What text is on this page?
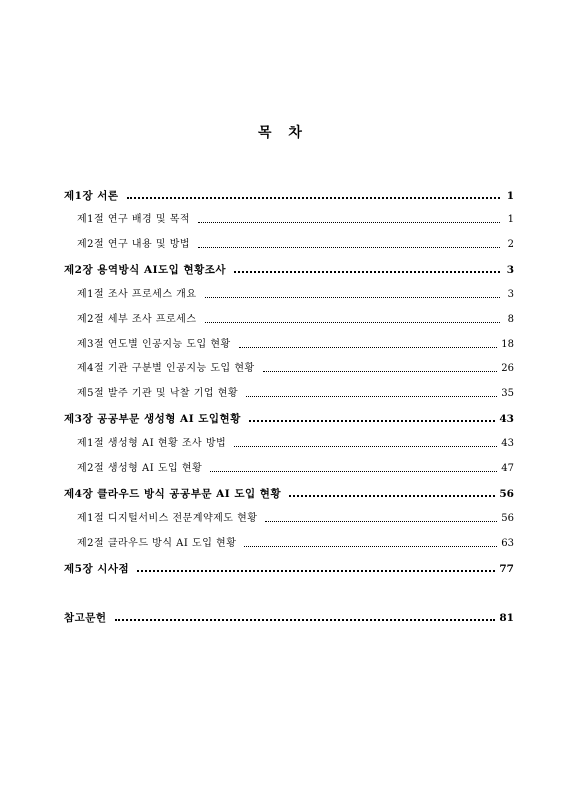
목 차
제1장 서론	1
제1절 연구 배경 및 목적	1
제2절 연구 내용 및 방법	2
제2장 용역방식 AI도입 현황조사	3
제1절 조사 프로세스 개요	3
제2절 세부 조사 프로세스	8
제3절 연도별 인공지능 도입 현황	18
제4절 기관 구분별 인공지능 도입 현황	26
제5절 발주 기관 및 낙찰 기업 현황	35
제3장 공공부문 생성형 AI 도입현황	43
제1절 생성형 AI 현황 조사 방법	43
제2절 생성형 AI 도입 현황	47
제4장 클라우드 방식 공공부문 AI 도입 현황	56
제1절 디지털서비스 전문계약제도 현황	56
제2절 클라우드 방식 AI 도입 현황	63
제5장 시사점	77
참고문헌	81
